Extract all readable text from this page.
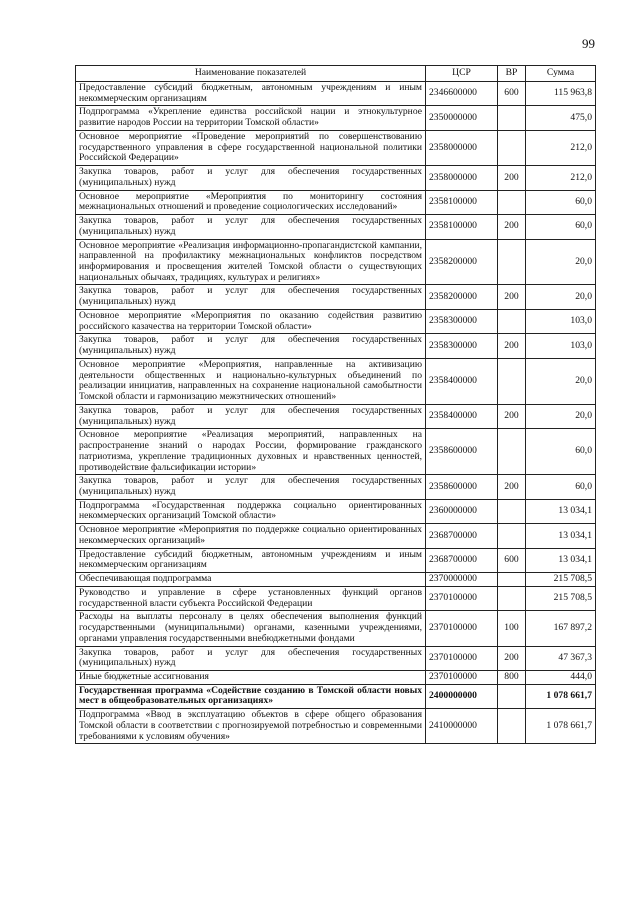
99
Наименование показателей	ЦСР	ВР	Сумма
Предоставление субсидий бюджетным, автономным учреждениям и иным некоммерческим организациям	2346600000	600	115 963,8
Подпрограмма «Укрепление единства российской нации и этнокультурное развитие народов России на территории Томской области»	2350000000		475,0
Основное мероприятие «Проведение мероприятий по совершенствованию государственного управления в сфере государственной национальной политики Российской Федерации»	2358000000		212,0
Закупка товаров, работ и услуг для обеспечения государственных (муниципальных) нужд	2358000000	200	212,0
Основное мероприятие «Мероприятия по мониторингу состояния межнациональных отношений и проведение социологических исследований»	2358100000		60,0
Закупка товаров, работ и услуг для обеспечения государственных (муниципальных) нужд	2358100000	200	60,0
Основное мероприятие «Реализация информационно-пропагандистской кампании, направленной на профилактику межнациональных конфликтов посредством информирования и просвещения жителей Томской области о существующих национальных обычаях, традициях, культурах и религиях»	2358200000		20,0
Закупка товаров, работ и услуг для обеспечения государственных (муниципальных) нужд	2358200000	200	20,0
Основное мероприятие «Мероприятия по оказанию содействия развитию российского казачества на территории Томской области»	2358300000		103,0
Закупка товаров, работ и услуг для обеспечения государственных (муниципальных) нужд	2358300000	200	103,0
Основное мероприятие «Мероприятия, направленные на активизацию деятельности общественных и национально-культурных объединений по реализации инициатив, направленных на сохранение национальной самобытности Томской области и гармонизацию межэтнических отношений»	2358400000		20,0
Закупка товаров, работ и услуг для обеспечения государственных (муниципальных) нужд	2358400000	200	20,0
Основное мероприятие «Реализация мероприятий, направленных на распространение знаний о народах России, формирование гражданского патриотизма, укрепление традиционных духовных и нравственных ценностей, противодействие фальсификации истории»	2358600000		60,0
Закупка товаров, работ и услуг для обеспечения государственных (муниципальных) нужд	2358600000	200	60,0
Подпрограмма «Государственная поддержка социально ориентированных некоммерческих организаций Томской области»	2360000000		13 034,1
Основное мероприятие «Мероприятия по поддержке социально ориентированных некоммерческих организаций»	2368700000		13 034,1
Предоставление субсидий бюджетным, автономным учреждениям и иным некоммерческим организациям	2368700000	600	13 034,1
Обеспечивающая подпрограмма	2370000000		215 708,5
Руководство и управление в сфере установленных функций органов государственной власти субъекта Российской Федерации	2370100000		215 708,5
Расходы на выплаты персоналу в целях обеспечения выполнения функций государственными (муниципальными) органами, казенными учреждениями, органами управления государственными внебюджетными фондами	2370100000	100	167 897,2
Закупка товаров, работ и услуг для обеспечения государственных (муниципальных) нужд	2370100000	200	47 367,3
Иные бюджетные ассигнования	2370100000	800	444,0
Государственная программа «Содействие созданию в Томской области новых мест в общеобразовательных организациях»	2400000000		1 078 661,7
Подпрограмма «Ввод в эксплуатацию объектов в сфере общего образования Томской области в соответствии с прогнозируемой потребностью и современными требованиями к условиям обучения»	2410000000		1 078 661,7
